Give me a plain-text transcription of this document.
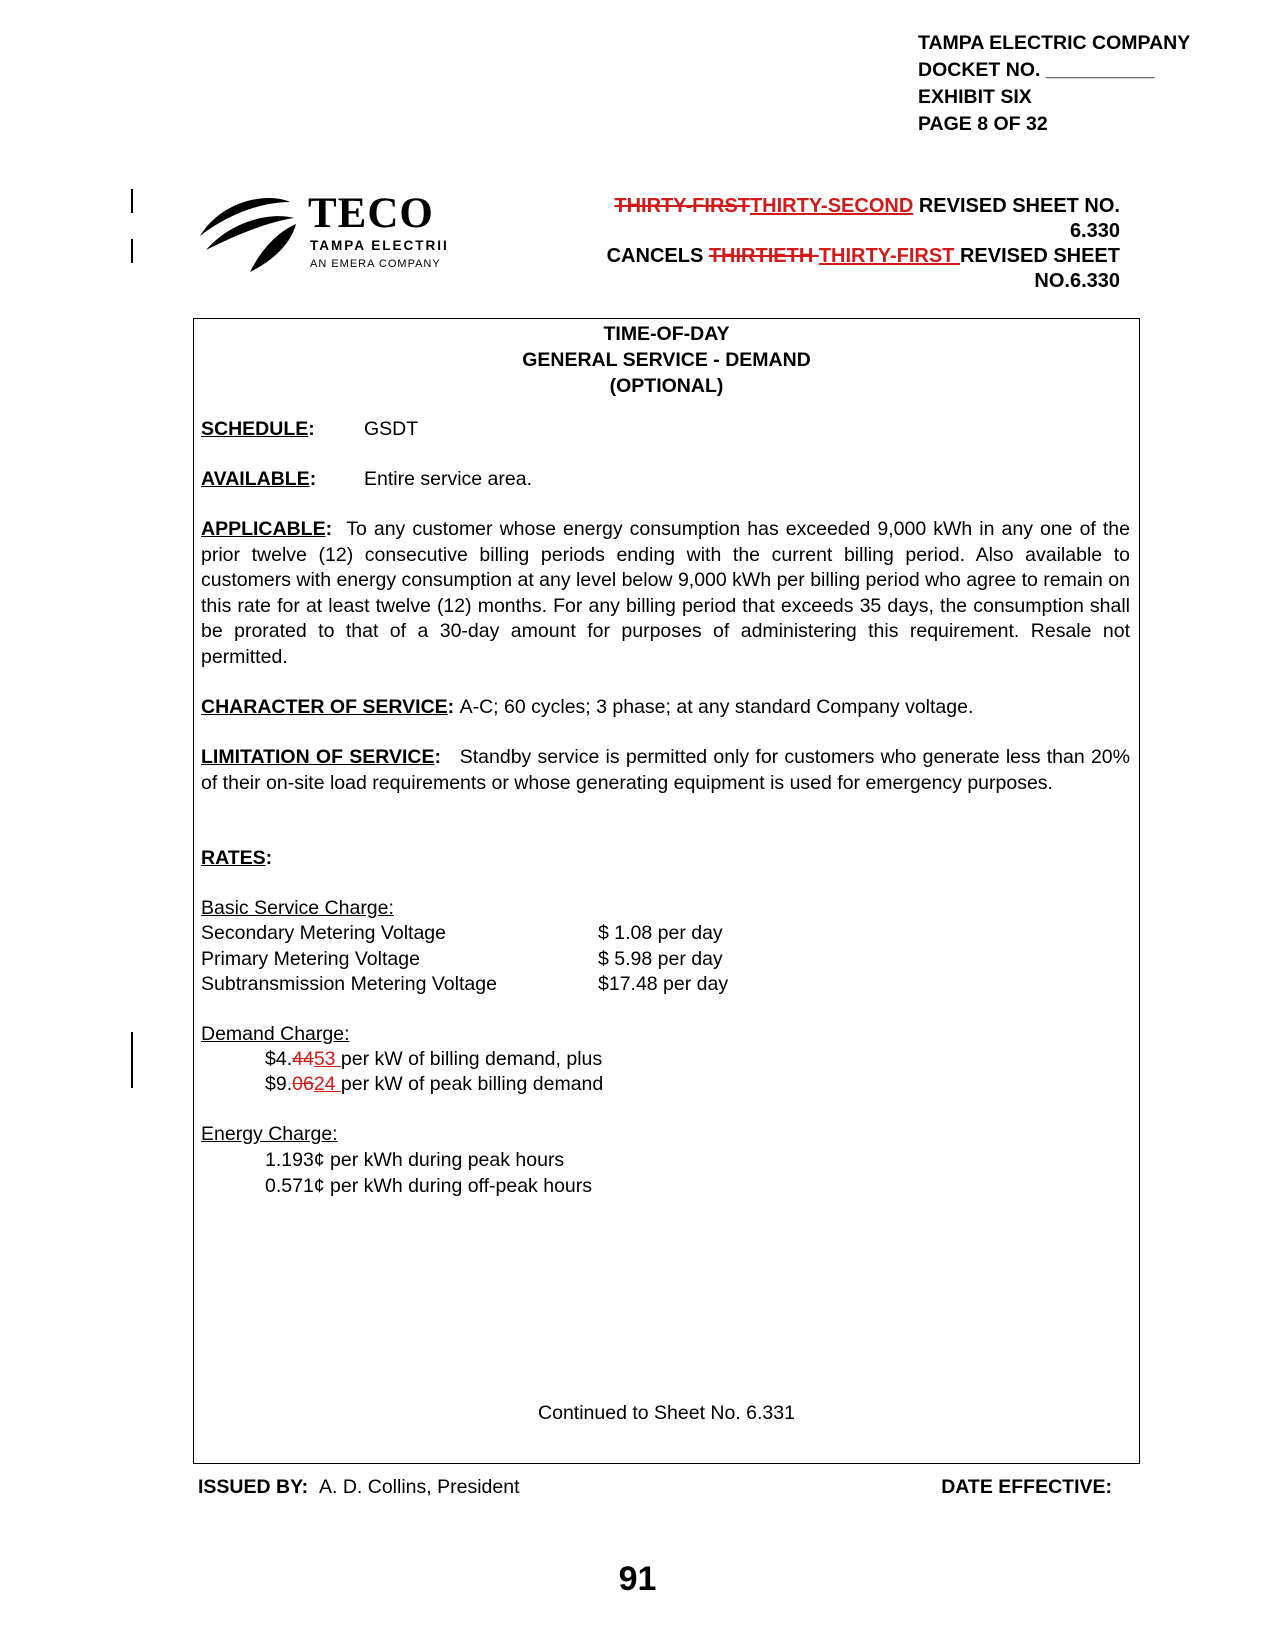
TAMPA ELECTRIC COMPANY
DOCKET NO. __________
EXHIBIT SIX
PAGE 8 OF 32
TECO
TAMPA ELECTRII
AN EMERA COMPANY
THIRTY-FIRSTTHIRTY-SECOND REVISED SHEET NO.
6.330
CANCELS THIRTIETH THIRTY-FIRST REVISED SHEET
NO.6.330
TIME-OF-DAY
GENERAL SERVICE - DEMAND
(OPTIONAL)
SCHEDULE:	GSDT
AVAILABLE: Entire service area.
APPLICABLE: To any customer whose energy consumption has exceeded 9,000 kWh in any one of the prior twelve (12) consecutive billing periods ending with the current billing period. Also available to customers with energy consumption at any level below 9,000 kWh per billing period who agree to remain on this rate for at least twelve (12) months. For any billing period that exceeds 35 days, the consumption shall be prorated to that of a 30-day amount for purposes of administering this requirement. Resale not permitted.
CHARACTER OF SERVICE: A-C; 60 cycles; 3 phase; at any standard Company voltage.
LIMITATION OF SERVICE: Standby service is permitted only for customers who generate less than 20% of their on-site load requirements or whose generating equipment is used for emergency purposes.
RATES:
Basic Service Charge:
Secondary Metering Voltage	$ 1.08 per day
Primary Metering Voltage	$ 5.98 per day
Subtransmission Metering Voltage	$17.48 per day
Demand Charge:
$4.4453 per kW of billing demand, plus
$9.0624 per kW of peak billing demand
Energy Charge:
1.193¢ per kWh during peak hours
0.571¢ per kWh during off-peak hours
Continued to Sheet No. 6.331
ISSUED BY: A. D. Collins, President	DATE EFFECTIVE:
91
